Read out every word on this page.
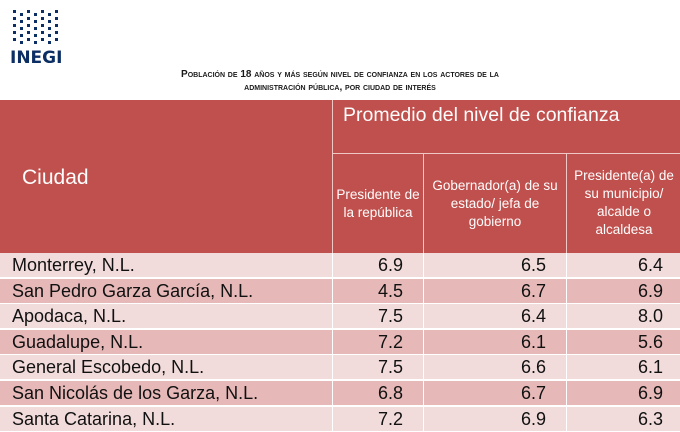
INEGI
Población de 18 años y más según nivel de confianza en los actores de la
administración pública, por ciudad de interés
Ciudad
Promedio del nivel de confianza
Presidente de la república
Gobernador(a) de su estado/ jefa de gobierno
Presidente(a) de su municipio/ alcalde o alcaldesa
Monterrey, N.L.	6.9	6.5	6.4
San Pedro Garza García, N.L.	4.5	6.7	6.9
Apodaca, N.L.	7.5	6.4	8.0
Guadalupe, N.L.	7.2	6.1	5.6
General Escobedo, N.L.	7.5	6.6	6.1
San Nicolás de los Garza, N.L.	6.8	6.7	6.9
Santa Catarina, N.L.	7.2	6.9	6.3
